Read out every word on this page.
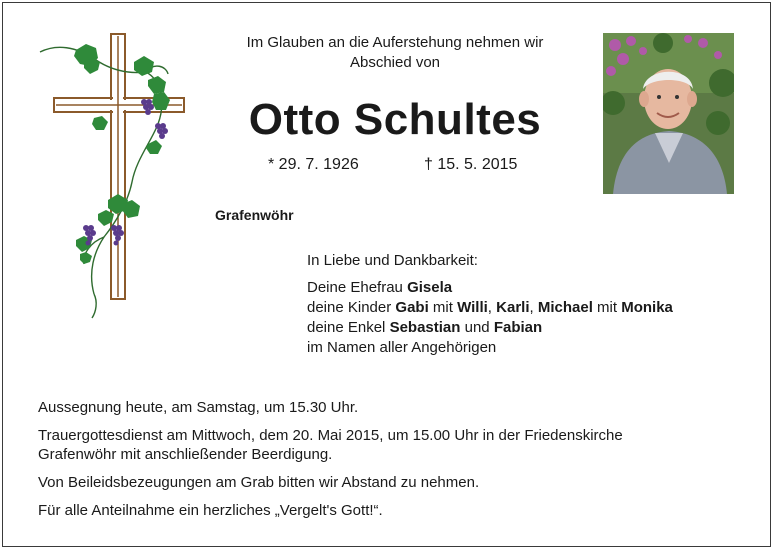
Im Glauben an die Auferstehung nehmen wir
Abschied von
Otto Schultes
* 29. 7. 1926	† 15. 5. 2015
Grafenwöhr
In Liebe und Dankbarkeit:
Deine Ehefrau Gisela
deine Kinder Gabi mit Willi, Karli, Michael mit Monika
deine Enkel Sebastian und Fabian
im Namen aller Angehörigen

Aussegnung heute, am Samstag, um 15.30 Uhr.

Trauergottesdienst am Mittwoch, dem 20. Mai 2015, um 15.00 Uhr in der Friedenskirche
Grafenwöhr mit anschließender Beerdigung.

Von Beileidsbezeugungen am Grab bitten wir Abstand zu nehmen.

Für alle Anteilnahme ein herzliches „Vergelt's Gott!“.
